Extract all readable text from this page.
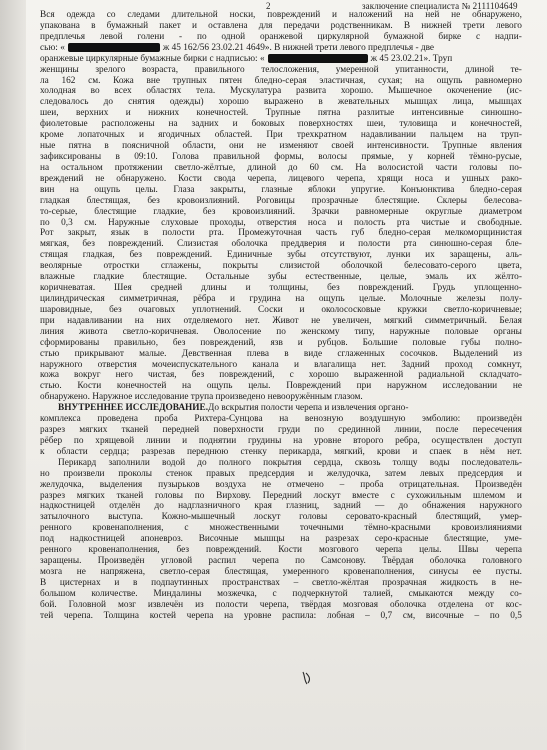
2	заключение специалиста № 2111104649
Вся одежда со следами длительной носки, повреждений и наложений на ней не обнаружено,
упакована в бумажный пакет и оставлена для передачи родственникам. В нижней трети левого
предплечья левой голени - по одной оранжевой циркулярной бумажной бирке с надпи-
сью: «	ж 45 162/56 23.02.21 4649». В нижней трети левого предплечья - две
оранжевые циркулярные бумажные бирки с надписью: «	ж 45 23.02.21». Труп
женщины зрелого возраста, правильного телосложения, умеренной упитанности, длиной те-
ла 162 см. Кожа вне трупных пятен бледно-серая эластичная, сухая; на ощупь равномерно
холодная во всех областях тела. Мускулатура развита хорошо. Мышечное окоченение (ис-
следовалось до снятия одежды) хорошо выражено в жевательных мышцах лица, мышцах
шеи, верхних и нижних конечностей. Трупные пятна разлитые интенсивные синюшно-
фиолетовые расположены на задних и боковых поверхностях шеи, туловища и конечностей,
кроме лопаточных и ягодичных областей. При трехкратном надавливании пальцем на труп-
ные пятна в поясничной области, они не изменяют своей интенсивности. Трупные явления
зафиксированы в 09:10. Голова правильной формы, волосы прямые, у корней тёмно-русые,
на остальном протяжении светло-жёлтые, длиной до 60 см. На волосистой части головы по-
вреждений не обнаружено. Кости свода черепа, лицевого черепа, хрящи носа и ушных рако-
вин на ощупь целы. Глаза закрыты, глазные яблоки упругие. Конъюнктива бледно-серая
гладкая блестящая, без кровоизлияний. Роговицы прозрачные блестящие. Склеры белесова-
то-серые, блестящие гладкие, без кровоизлияний. Зрачки равномерные округлые диаметром
по 0,3 см. Наружные слуховые проходы, отверстия носа и полость рта чистые и свободные.
Рот закрыт, язык в полости рта. Промежуточная часть губ бледно-серая мелкоморщинистая
мягкая, без повреждений. Слизистая оболочка преддверия и полости рта синюшно-серая бле-
стящая гладкая, без повреждений. Единичные зубы отсутствуют, лунки их заращены, аль-
веолярные отростки сглажены, покрыты слизистой оболочкой белесовато-серого цвета,
влажные гладкие блестящие. Остальные зубы естественные, целые, эмаль их жёлто-
коричневатая. Шея средней длины и толщины, без повреждений. Грудь уплощенно-
цилиндрическая симметричная, рёбра и грудина на ощупь целые. Молочные железы полу-
шаровидные, без очаговых уплотнений. Соски и околососковые кружки светло-коричневые;
при надавливании на них отделяемого нет. Живот не увеличен, мягкий симметричный. Белая
линия живота светло-коричневая. Оволосение по женскому типу, наружные половые органы
сформированы правильно, без повреждений, язв и рубцов. Большие половые губы полно-
стью прикрывают малые. Девственная плева в виде сглаженных сосочков. Выделений из
наружного отверстия мочеиспускательного канала и влагалища нет. Задний проход сомкнут,
кожа вокруг него чистая, без повреждений, с хорошо выраженной радиальной складчато-
стью. Кости конечностей на ощупь целы. Повреждений при наружном исследовании не
обнаружено. Наружное исследование трупа произведено невооружённым глазом.
ВНУТРЕННЕЕ ИССЛЕДОВАНИЕ. До вскрытия полости черепа и извлечения органо-
комплекса проведена проба Рихтера-Сунцова на венозную воздушную эмболию: произведён
разрез мягких тканей передней поверхности груди по срединной линии, после пересечения
рёбер по хрящевой линии и поднятии грудины на уровне второго ребра, осуществлен доступ
к области сердца; разрезав переднюю стенку перикарда, мягкий, крови и спаек в нём нет.
Перикард заполнили водой до полного покрытия сердца, сквозь толщу воды последователь-
но произвели проколы стенок правых предсердия и желудочка, затем левых предсердия и
желудочка, выделения пузырьков воздуха не отмечено – проба отрицательная. Произведён
разрез мягких тканей головы по Вирхову. Передний лоскут вместе с сухожильным шлемом и
надкостницей отделён до надглазничного края глазниц, задний — до обнажения наружного
затылочного выступа. Кожно-мышечный лоскут головы серовато-красный блестящий, умер-
ренного кровенаполнения, с множественными точечными тёмно-красными кровоизлияниями
под надкостницей апоневроз. Височные мышцы на разрезах серо-красные блестящие, уме-
ренного кровенаполнения, без повреждений. Кости мозгового черепа целы. Швы черепа
заращены. Произведён угловой распил черепа по Самсонову. Твёрдая оболочка головного
мозга не напряжена, светло-серая блестящая, умеренного кровенаполнения, синусы ее пусты.
В цистернах и в подпаутинных пространствах – светло-жёлтая прозрачная жидкость в не-
большом количестве. Миндалины мозжечка, с подчеркнутой талией, смыкаются между со-
бой. Головной мозг извлечён из полости черепа, твёрдая мозговая оболочка отделена от кос-
тей черепа. Толщина костей черепа на уровне распила: лобная – 0,7 см, височные – по 0,5
